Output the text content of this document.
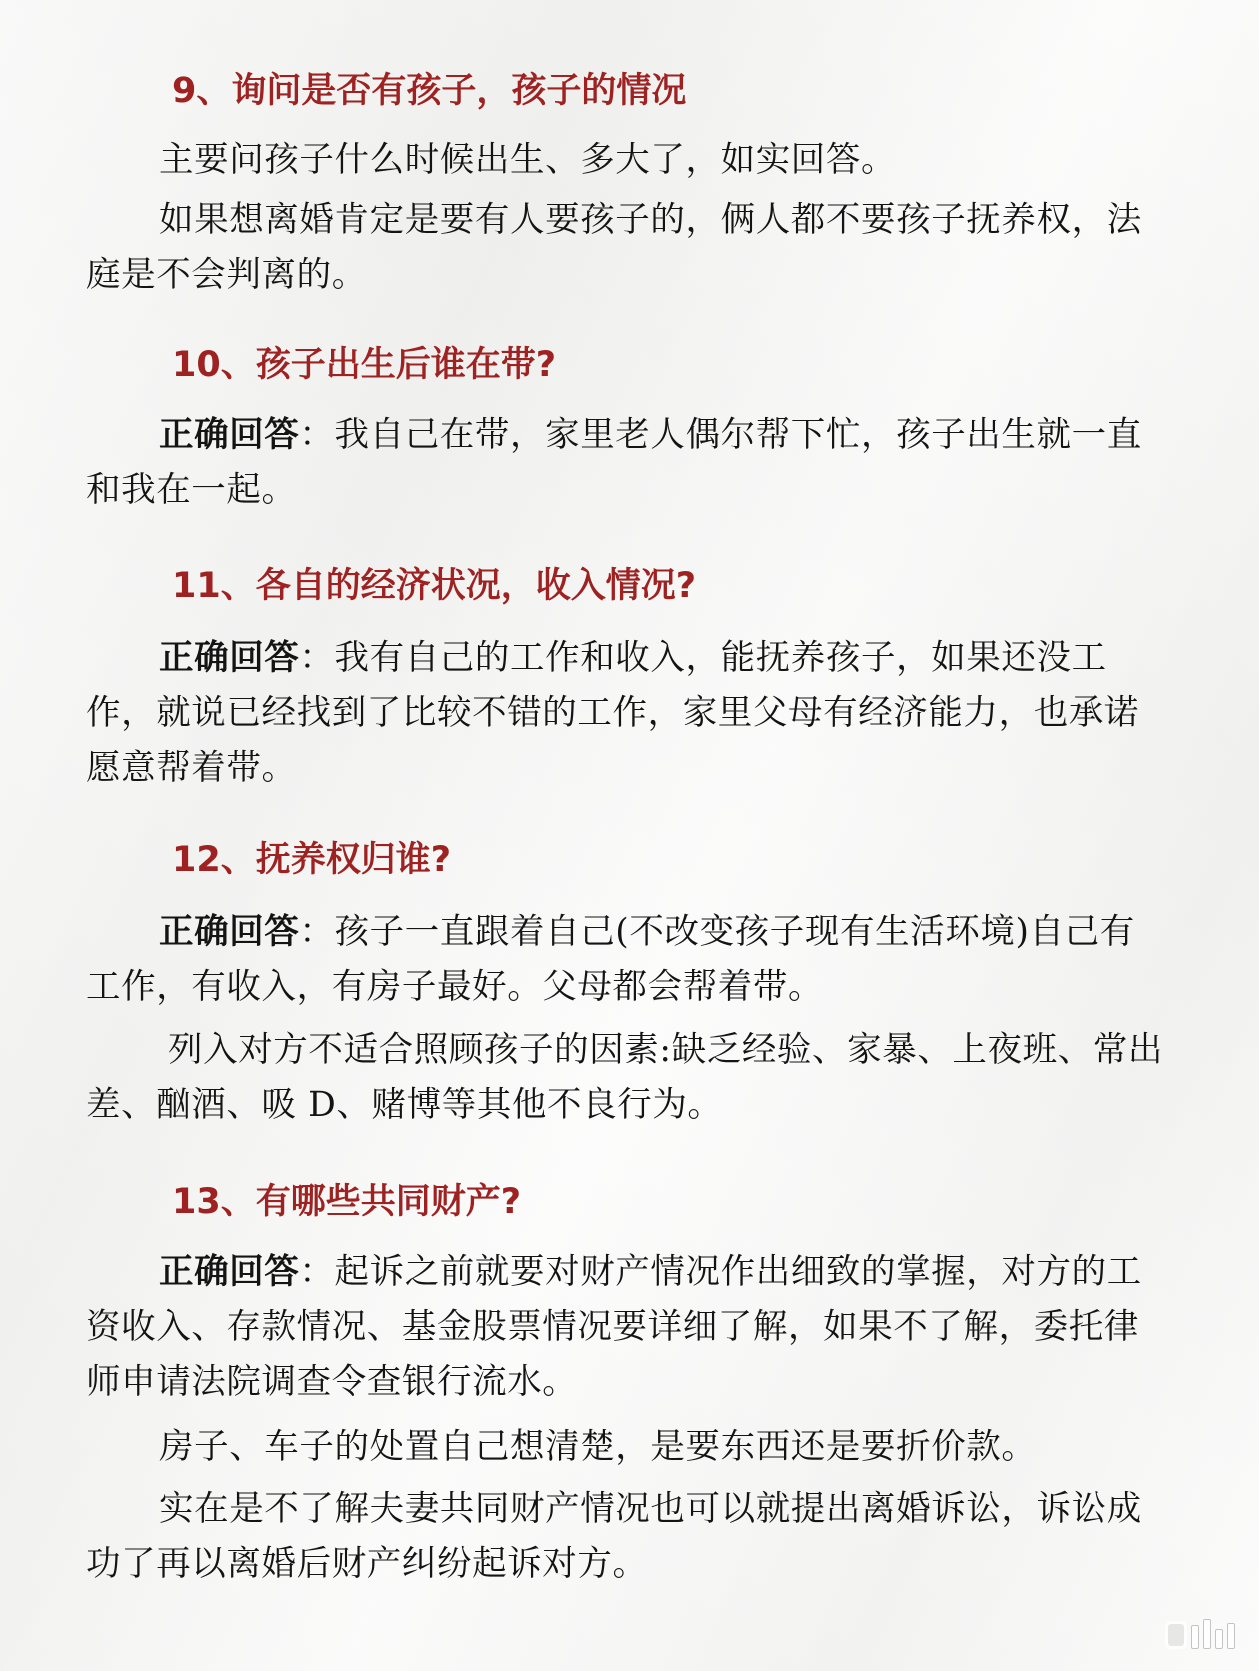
9、询问是否有孩子，孩子的情况

主要问孩子什么时候出生、多大了，如实回答。

如果想离婚肯定是要有人要孩子的，俩人都不要孩子抚养权，法庭是不会判离的。

10、孩子出生后谁在带?

正确回答：我自己在带，家里老人偶尔帮下忙，孩子出生就一直和我在一起。

11、各自的经济状况，收入情况?

正确回答：我有自己的工作和收入，能抚养孩子，如果还没工作，就说已经找到了比较不错的工作，家里父母有经济能力，也承诺愿意帮着带。

12、抚养权归谁?

正确回答：孩子一直跟着自己(不改变孩子现有生活环境)自己有工作，有收入，有房子最好。父母都会帮着带。

列入对方不适合照顾孩子的因素:缺乏经验、家暴、上夜班、常出差、酗酒、吸 D、赌博等其他不良行为。

13、有哪些共同财产?

正确回答：起诉之前就要对财产情况作出细致的掌握，对方的工资收入、存款情况、基金股票情况要详细了解，如果不了解，委托律师申请法院调查令查银行流水。

房子、车子的处置自己想清楚，是要东西还是要折价款。

实在是不了解夫妻共同财产情况也可以就提出离婚诉讼，诉讼成功了再以离婚后财产纠纷起诉对方。
